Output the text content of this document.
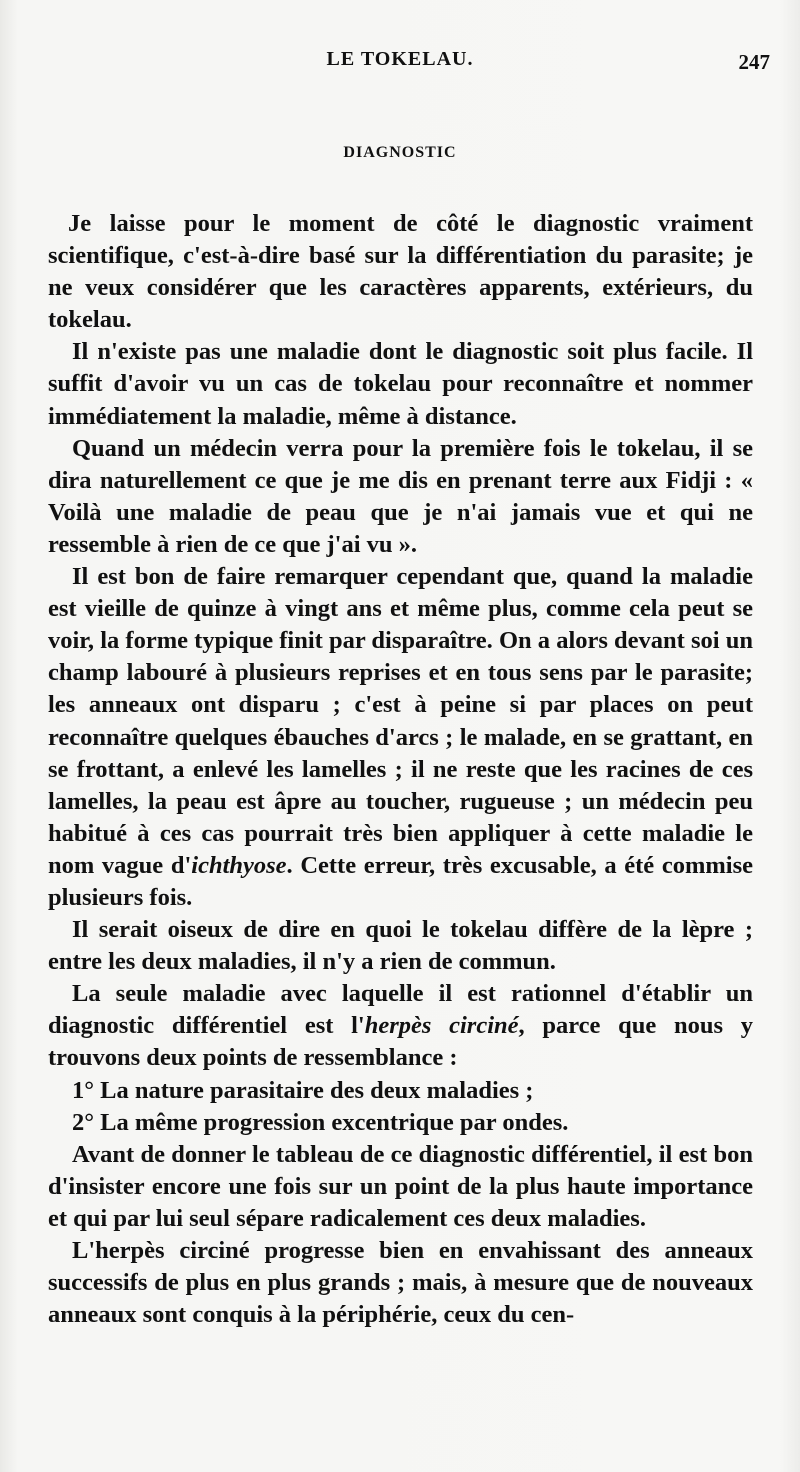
LE TOKELAU.	247
DIAGNOSTIC

Je laisse pour le moment de côté le diagnostic vraiment scientifique, c'est-à-dire basé sur la différentiation du parasite; je ne veux considérer que les caractères apparents, extérieurs, du tokelau.

Il n'existe pas une maladie dont le diagnostic soit plus facile. Il suffit d'avoir vu un cas de tokelau pour reconnaître et nommer immédiatement la maladie, même à distance.

Quand un médecin verra pour la première fois le tokelau, il se dira naturellement ce que je me dis en prenant terre aux Fidji : « Voilà une maladie de peau que je n'ai jamais vue et qui ne ressemble à rien de ce que j'ai vu ».

Il est bon de faire remarquer cependant que, quand la maladie est vieille de quinze à vingt ans et même plus, comme cela peut se voir, la forme typique finit par disparaître. On a alors devant soi un champ labouré à plusieurs reprises et en tous sens par le parasite; les anneaux ont disparu ; c'est à peine si par places on peut reconnaître quelques ébauches d'arcs ; le malade, en se grattant, en se frottant, a enlevé les lamelles ; il ne reste que les racines de ces lamelles, la peau est âpre au toucher, rugueuse ; un médecin peu habitué à ces cas pourrait très bien appliquer à cette maladie le nom vague d'ichthyose. Cette erreur, très excusable, a été commise plusieurs fois.

Il serait oiseux de dire en quoi le tokelau diffère de la lèpre ; entre les deux maladies, il n'y a rien de commun.

La seule maladie avec laquelle il est rationnel d'établir un diagnostic différentiel est l'herpès circiné, parce que nous y trouvons deux points de ressemblance :

1° La nature parasitaire des deux maladies ;

2° La même progression excentrique par ondes.

Avant de donner le tableau de ce diagnostic différentiel, il est bon d'insister encore une fois sur un point de la plus haute importance et qui par lui seul sépare radicalement ces deux maladies.

L'herpès circiné progresse bien en envahissant des anneaux successifs de plus en plus grands ; mais, à mesure que de nouveaux anneaux sont conquis à la périphérie, ceux du cen-
